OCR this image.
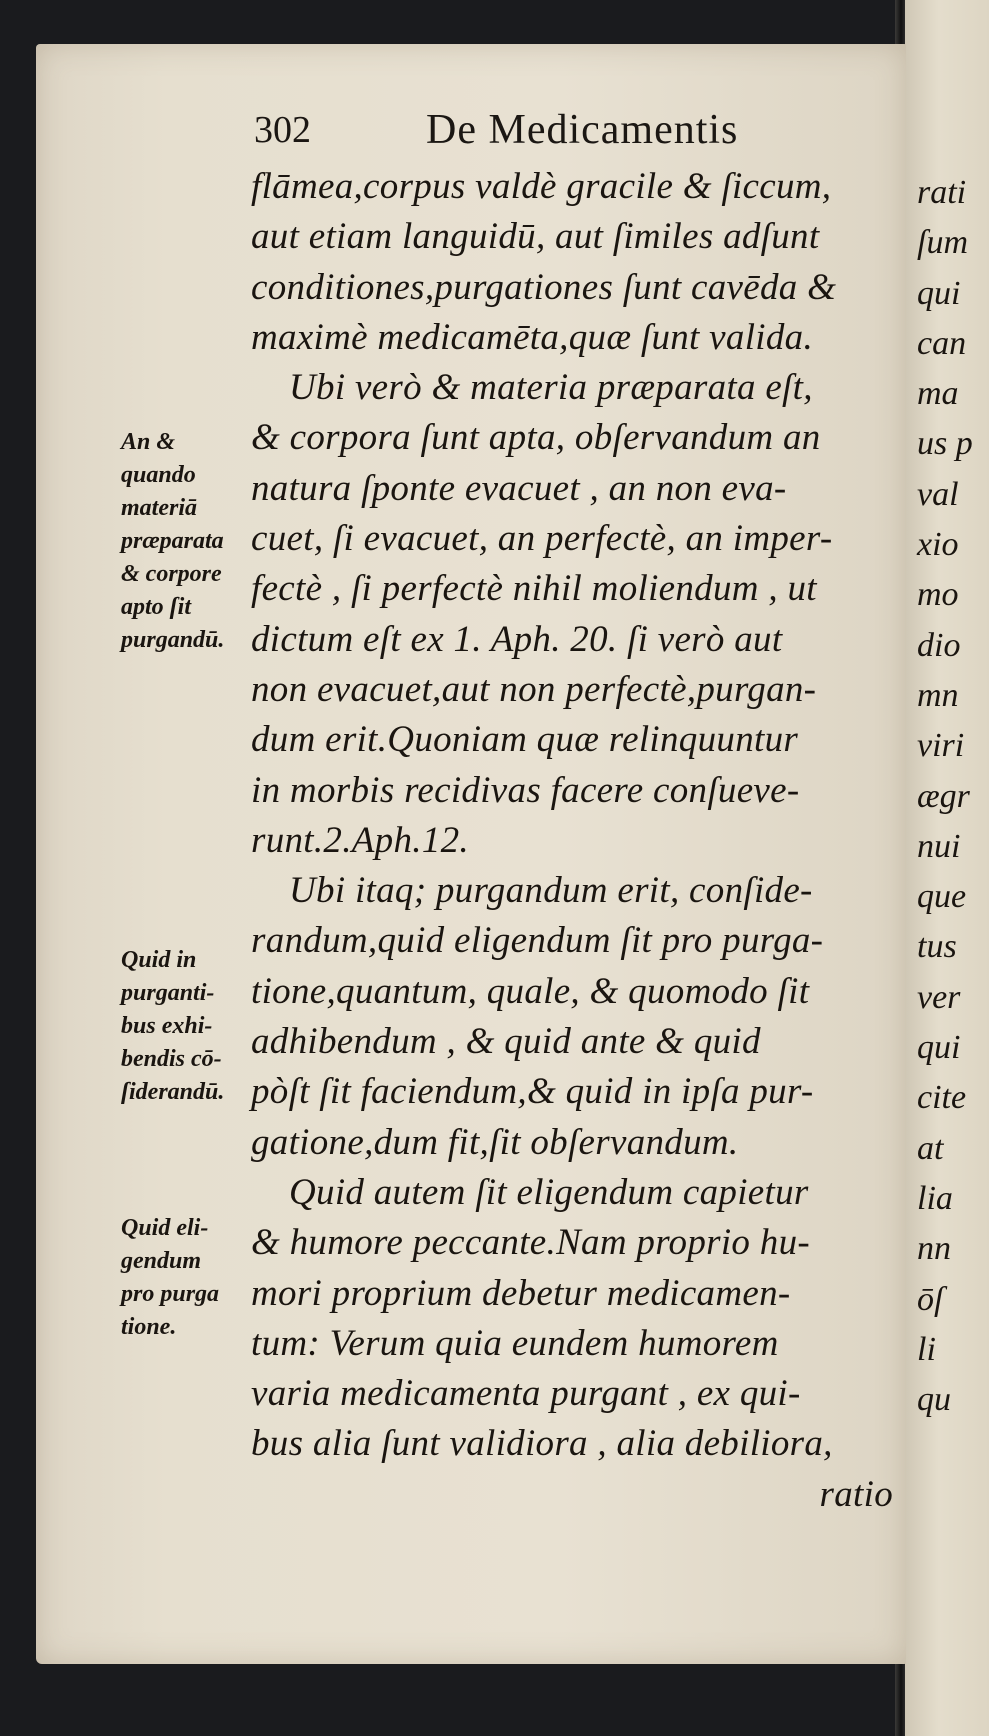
rati
ſum
qui
can
ma
us p
val
xio
mo
dio
mn
viri
ægr
nui
que
tus
ver
qui
cite
at
lia
nn
ōſ
li
qu
302	De Medicamentis
An &
quando
materiā
præparata
& corpore
apto ſit
purgandū.
Quid in
purganti-
bus exhi-
bendis cō-
ſiderandū.
Quid eli-
gendum
pro purga
tione.
flāmea,corpus valdè gracile & ſiccum,
aut etiam languidū, aut ſimiles adſunt
conditiones,purgationes ſunt cavēda &
maximè medicamēta,quæ ſunt valida.
Ubi verò & materia præparata eſt,
& corpora ſunt apta, obſervandum an
natura ſponte evacuet , an non eva-
cuet, ſi evacuet, an perfectè, an imper-
fectè , ſi perfectè nihil moliendum , ut
dictum eſt ex 1. Aph. 20. ſi verò aut
non evacuet,aut non perfectè,purgan-
dum erit.Quoniam quæ relinquuntur
in morbis recidivas facere conſueve-
runt.2.Aph.12.
Ubi itaq; purgandum erit, conſide-
randum,quid eligendum ſit pro purga-
tione,quantum, quale, & quomodo ſit
adhibendum , & quid ante & quid
pòſt ſit faciendum,& quid in ipſa pur-
gatione,dum fit,ſit obſervandum.
Quid autem ſit eligendum capietur
& humore peccante.Nam proprio hu-
mori proprium debetur medicamen-
tum: Verum quia eundem humorem
varia medicamenta purgant , ex qui-
bus alia ſunt validiora , alia debiliora,
ratio
